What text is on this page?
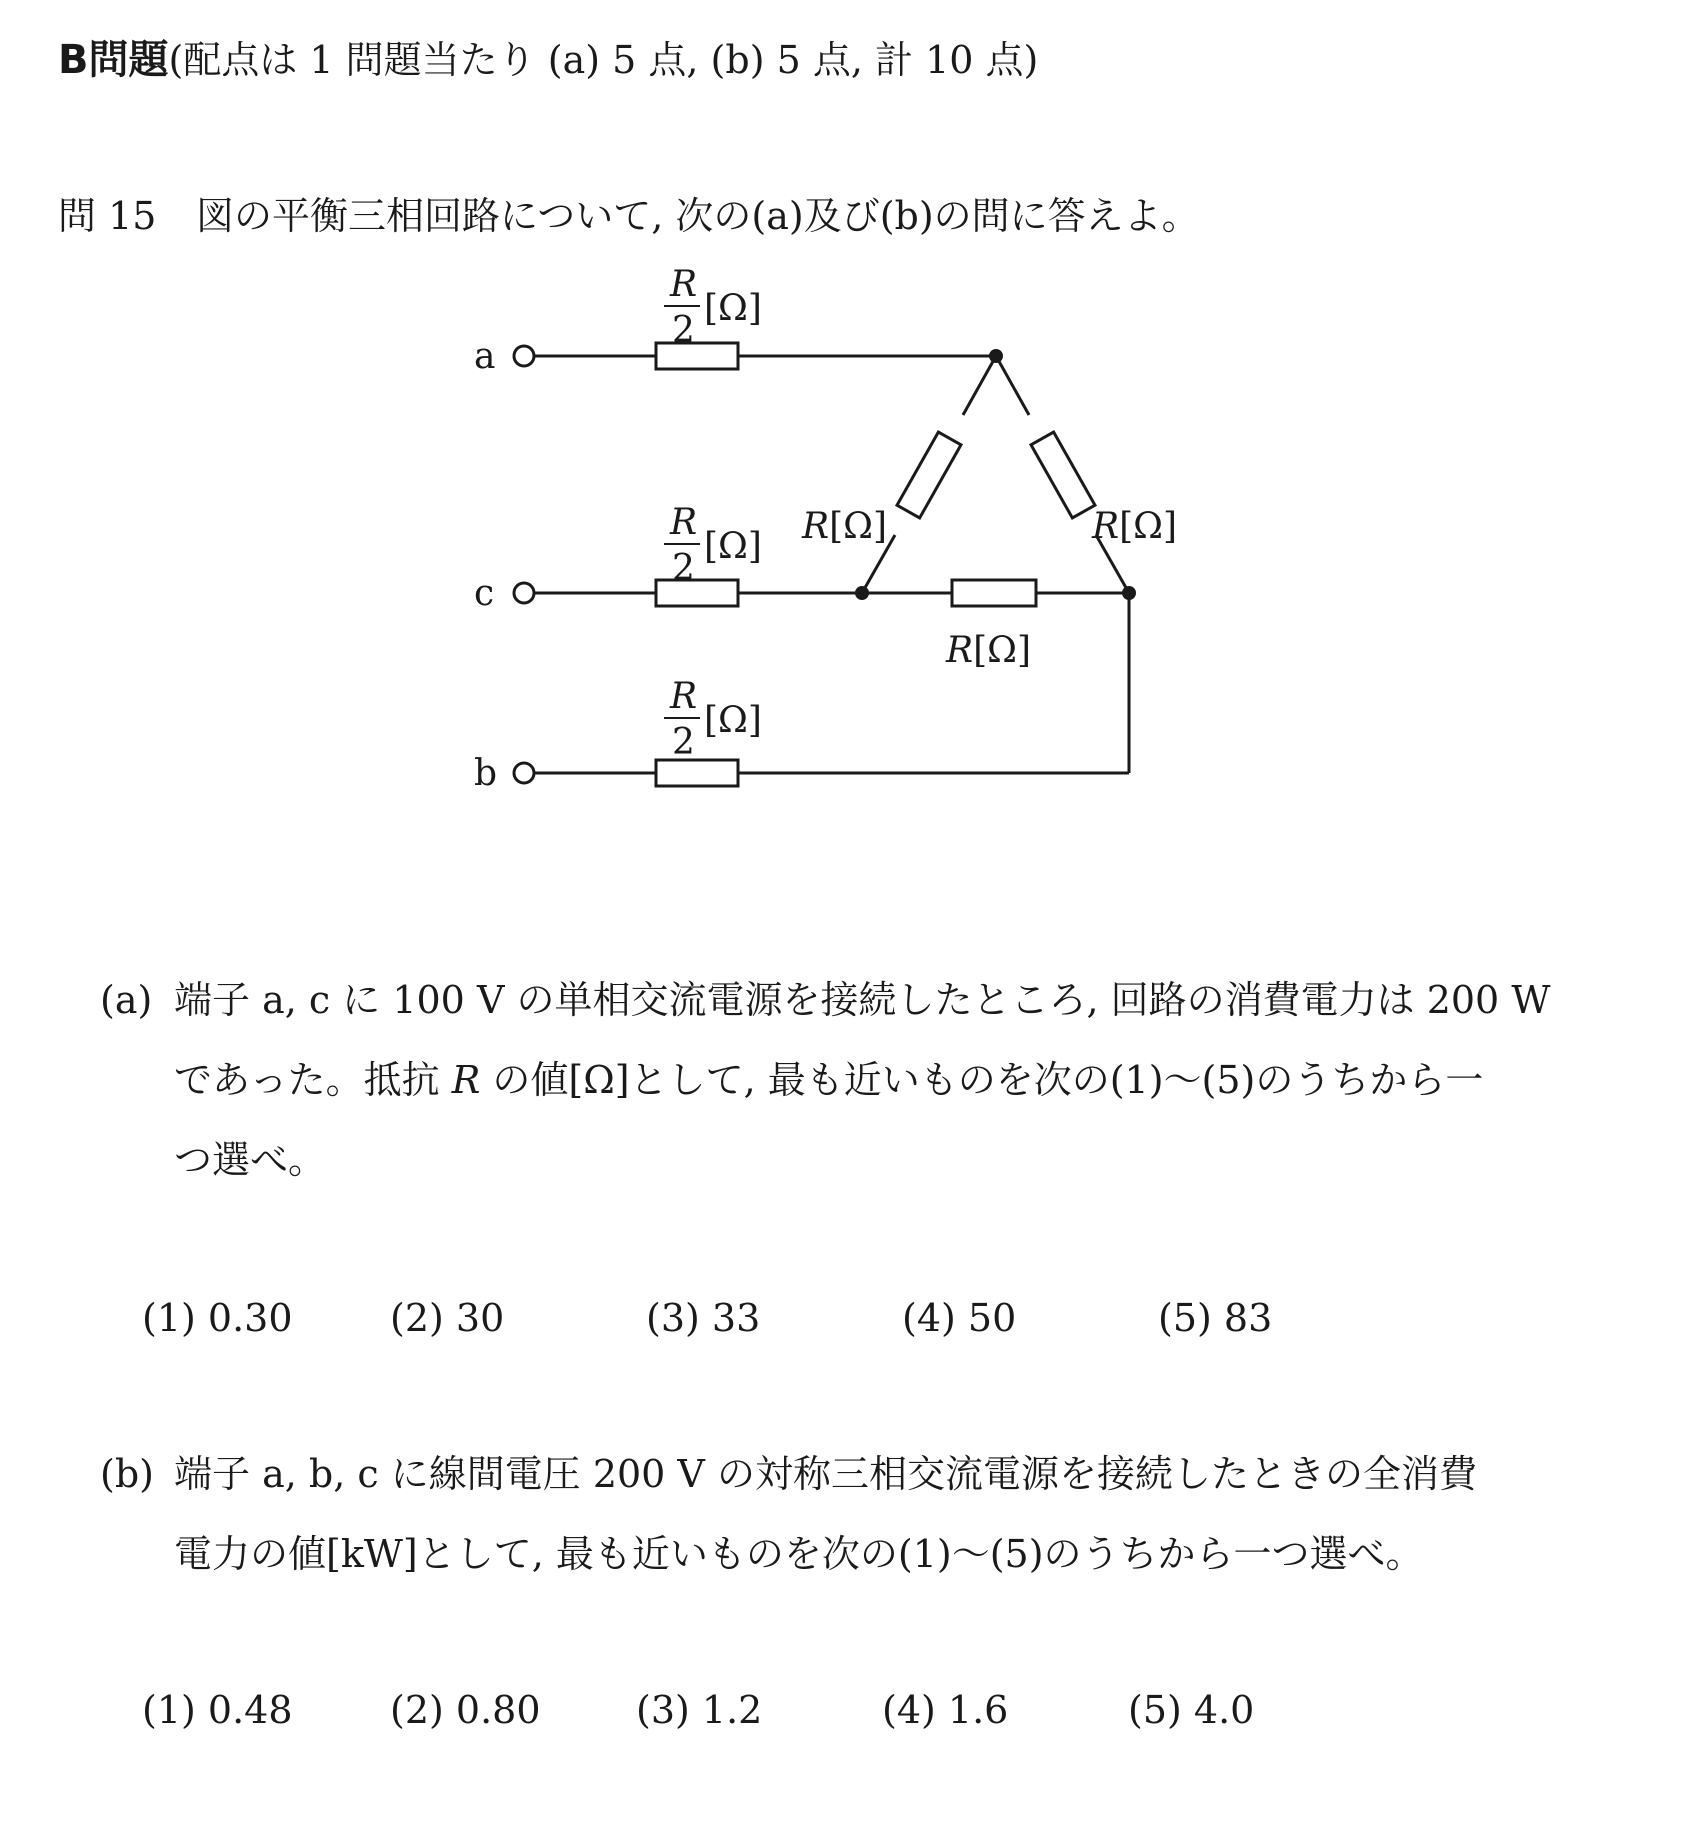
B問題(配点は 1 問題当たり (a) 5 点, (b) 5 点, 計 10 点)
問 15 図の平衡三相回路について, 次の(a)及び(b)の問に答えよ。
a
c
b
R
2
[Ω]
R
2
[Ω]
R
2
[Ω]
R[Ω]	R[Ω]
R[Ω]
(a) 端子 a, c に 100 V の単相交流電源を接続したところ, 回路の消費電力は 200 W
であった。抵抗 R の値[Ω]として, 最も近いものを次の(1)～(5)のうちから一
つ選べ。
(1) 0.30	(2) 30	(3) 33	(4) 50	(5) 83
(b) 端子 a, b, c に線間電圧 200 V の対称三相交流電源を接続したときの全消費
電力の値[kW]として, 最も近いものを次の(1)～(5)のうちから一つ選べ。
(1) 0.48	(2) 0.80	(3) 1.2	(4) 1.6	(5) 4.0
